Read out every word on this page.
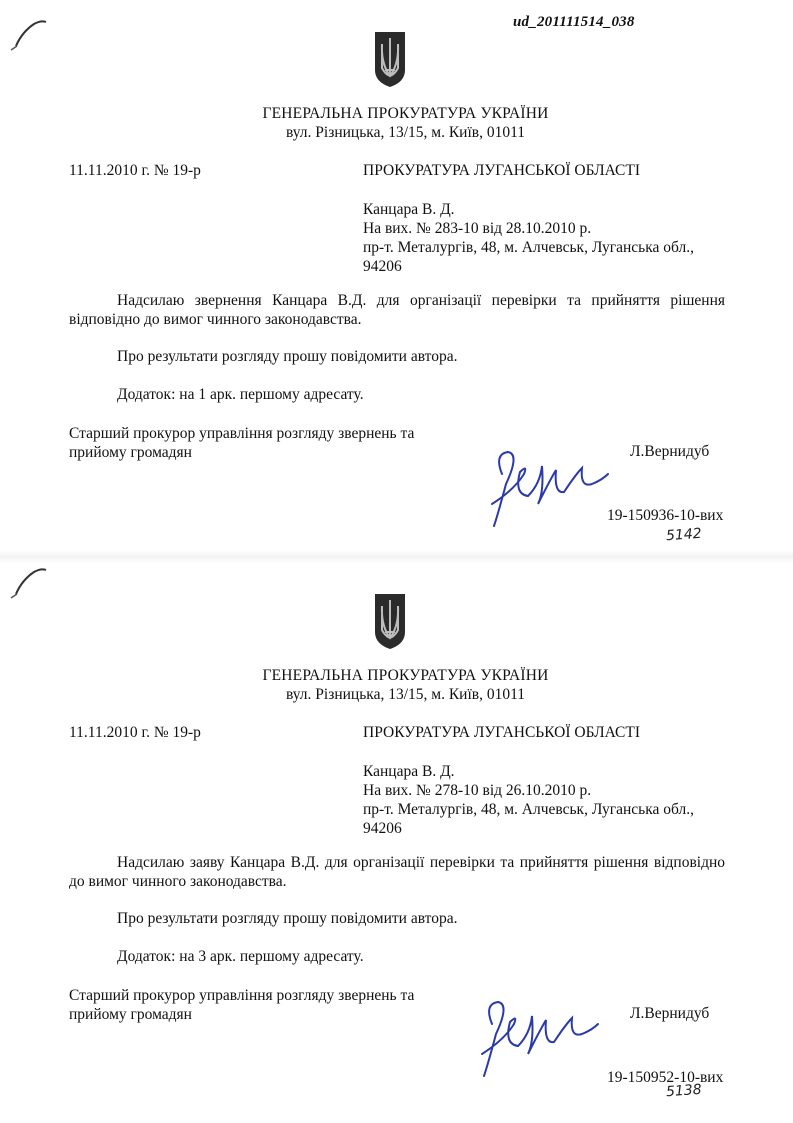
ud_201111514_038
ГЕНЕРАЛЬНА ПРОКУРАТУРА УКРАЇНИ
вул. Різницька, 13/15, м. Київ, 01011
11.11.2010 г. № 19-р	ПРОКУРАТУРА ЛУГАНСЬКОЇ ОБЛАСТІ
Канцара В. Д.
На вих. № 283-10 від 28.10.2010 р.
пр-т. Металургів, 48, м. Алчевськ, Луганська обл.,
94206
Надсилаю звернення Канцара В.Д. для організації перевірки та прийняття рішення відповідно до вимог чинного законодавства.
Про результати розгляду прошу повідомити автора.
Додаток: на 1 арк. першому адресату.
Старший прокурор управління розгляду звернень та прийому громадян	Л.Вернидуб
19-150936-10-вих
5142
ГЕНЕРАЛЬНА ПРОКУРАТУРА УКРАЇНИ
вул. Різницька, 13/15, м. Київ, 01011
11.11.2010 г. № 19-р	ПРОКУРАТУРА ЛУГАНСЬКОЇ ОБЛАСТІ
Канцара В. Д.
На вих. № 278-10 від 26.10.2010 р.
пр-т. Металургів, 48, м. Алчевськ, Луганська обл.,
94206
Надсилаю заяву Канцара В.Д. для організації перевірки та прийняття рішення відповідно до вимог чинного законодавства.
Про результати розгляду прошу повідомити автора.
Додаток: на 3 арк. першому адресату.
Старший прокурор управління розгляду звернень та прийому громадян	Л.Вернидуб
19-150952-10-вих
5138
